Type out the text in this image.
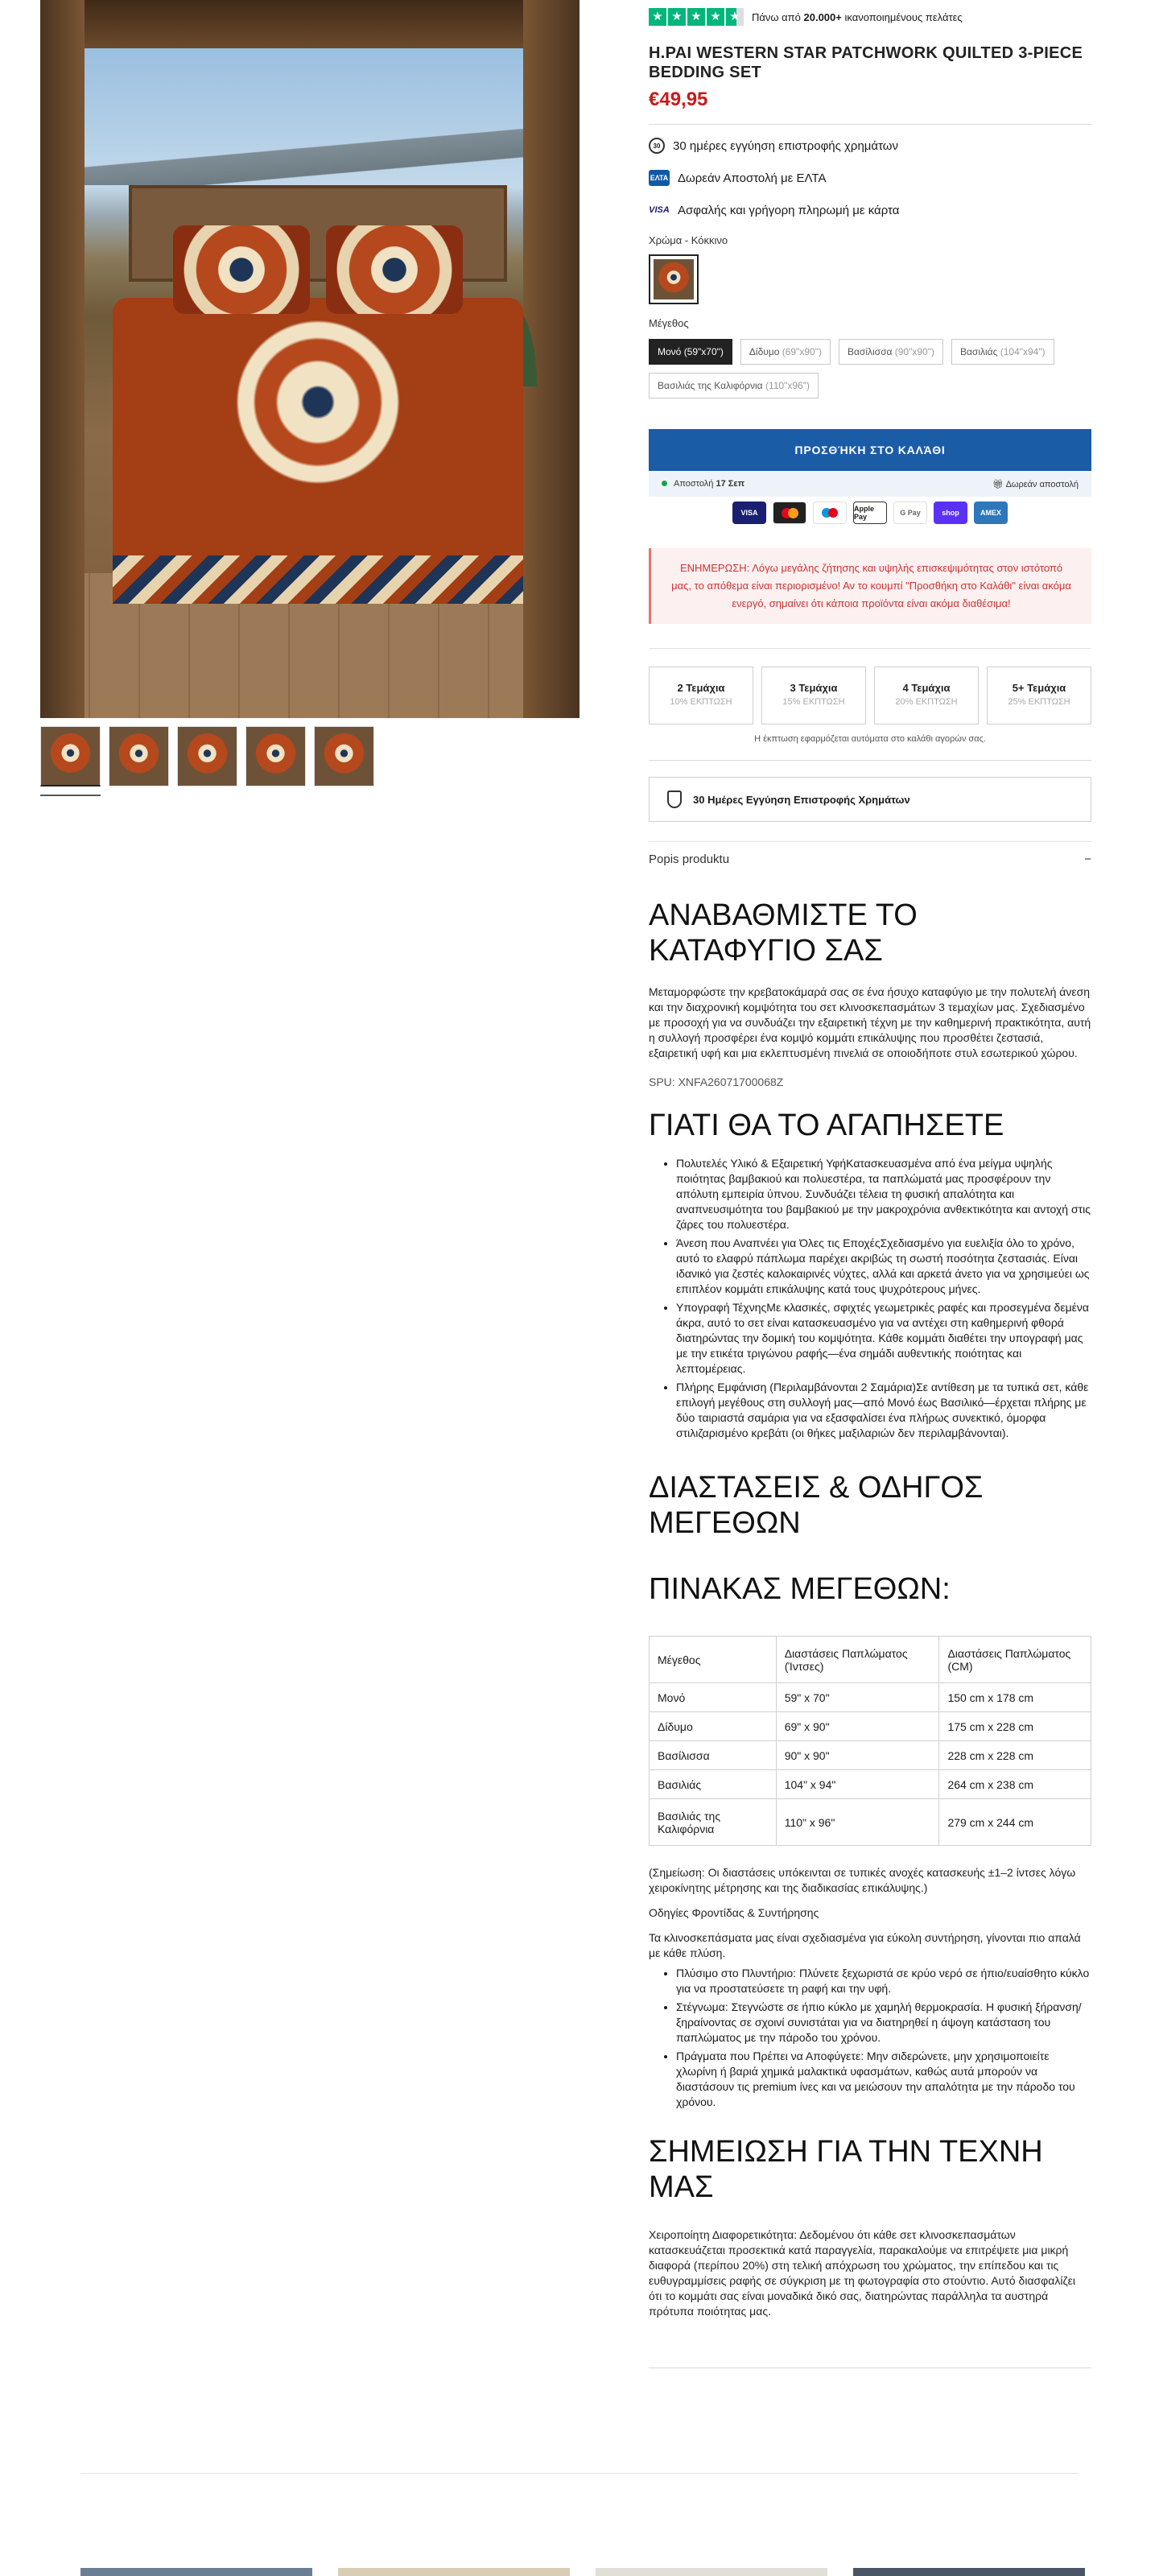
★ ★ ★ ★ ★	Πάνω από 20.000+ ικανοποιημένους πελάτες
H.PAI WESTERN STAR PATCHWORK QUILTED 3-PIECE BEDDING SET
€49,95
30	30 ημέρες εγγύηση επιστροφής χρημάτων
ΕΛΤΑ Δωρεάν Αποστολή με ΕΛΤΑ
VISA Ασφαλής και γρήγορη πληρωμή με κάρτα
Χρώμα - Κόκκινο
Μέγεθος
Μονό (59"x70")	Δίδυμο (69"x90")	Βασίλισσα (90"x90")	Βασιλιάς (104"x94")
Βασιλιάς της Καλιφόρνια (110"x96")
ΠΡΟΣΘΉΚΗ ΣΤΟ ΚΑΛΆΘΙ
Αποστολή 17 Σεπ	🎁︎ Δωρεάν αποστολή
VISA	Apple Pay	G Pay	shop	AMEX
ΕΝΗΜΕΡΩΣΗ: Λόγω μεγάλης ζήτησης και υψηλής επισκεψιμότητας στον ιστότοπό μας, το απόθεμα είναι περιορισμένο! Αν το κουμπί "Προσθήκη στο Καλάθι" είναι ακόμα ενεργό, σημαίνει ότι κάποια προϊόντα είναι ακόμα διαθέσιμα!
2 Τεμάχια
10% ΕΚΠΤΩΣΗ
3 Τεμάχια
15% ΕΚΠΤΩΣΗ
4 Τεμάχια
20% ΕΚΠΤΩΣΗ
5+ Τεμάχια
25% ΕΚΠΤΩΣΗ
Η έκπτωση εφαρμόζεται αυτόματα στο καλάθι αγορών σας.
30 Ημέρες Εγγύηση Επιστροφής Χρημάτων
Popis produktu	−
ΑΝΑΒΑΘΜΙΣΤΕ ΤΟ ΚΑΤΑΦΥΓΙΟ ΣΑΣ

Μεταμορφώστε την κρεβατοκάμαρά σας σε ένα ήσυχο καταφύγιο με την πολυτελή άνεση και την διαχρονική κομψότητα του σετ κλινοσκεπασμάτων 3 τεμαχίων μας. Σχεδιασμένο με προσοχή για να συνδυάζει την εξαιρετική τέχνη με την καθημερινή πρακτικότητα, αυτή η συλλογή προσφέρει ένα κομψό κομμάτι επικάλυψης που προσθέτει ζεστασιά, εξαιρετική υφή και μια εκλεπτυσμένη πινελιά σε οποιοδήποτε στυλ εσωτερικού χώρου.

SPU: XNFA26071700068Z
ΓΙΑΤΙ ΘΑ ΤΟ ΑΓΑΠΗΣΕΤΕ
• Πολυτελές Υλικό & Εξαιρετική ΥφήΚατασκευασμένα από ένα μείγμα υψηλής ποιότητας βαμβακιού και πολυεστέρα, τα παπλώματά μας προσφέρουν την απόλυτη εμπειρία ύπνου. Συνδυάζει τέλεια τη φυσική απαλότητα και αναπνευσιμότητα του βαμβακιού με την μακροχρόνια ανθεκτικότητα και αντοχή στις ζάρες του πολυεστέρα.
• Άνεση που Αναπνέει για Όλες τις ΕποχέςΣχεδιασμένο για ευελιξία όλο το χρόνο, αυτό το ελαφρύ πάπλωμα παρέχει ακριβώς τη σωστή ποσότητα ζεστασιάς. Είναι ιδανικό για ζεστές καλοκαιρινές νύχτες, αλλά και αρκετά άνετο για να χρησιμεύει ως επιπλέον κομμάτι επικάλυψης κατά τους ψυχρότερους μήνες.
• Υπογραφή ΤέχνηςΜε κλασικές, σφιχτές γεωμετρικές ραφές και προσεγμένα δεμένα άκρα, αυτό το σετ είναι κατασκευασμένο για να αντέχει στη καθημερινή φθορά διατηρώντας την δομική του κομψότητα. Κάθε κομμάτι διαθέτει την υπογραφή μας με την ετικέτα τριγώνου ραφής—ένα σημάδι αυθεντικής ποιότητας και λεπτομέρειας.
• Πλήρης Εμφάνιση (Περιλαμβάνονται 2 Σαμάρια)Σε αντίθεση με τα τυπικά σετ, κάθε επιλογή μεγέθους στη συλλογή μας—από Μονό έως Βασιλικό—έρχεται πλήρης με δύο ταιριαστά σαμάρια για να εξασφαλίσει ένα πλήρως συνεκτικό, όμορφα στιλιζαρισμένο κρεβάτι (οι θήκες μαξιλαριών δεν περιλαμβάνονται).
ΔΙΑΣΤΑΣΕΙΣ & ΟΔΗΓΟΣ ΜΕΓΕΘΩΝ
ΠΙΝΑΚΑΣ ΜΕΓΕΘΩΝ:
Μέγεθος	Διαστάσεις Παπλώματος (Ίντσες)	Διαστάσεις Παπλώματος (CM)
Μονό	59" x 70"	150 cm x 178 cm
Δίδυμο	69" x 90"	175 cm x 228 cm
Βασίλισσα	90" x 90"	228 cm x 228 cm
Βασιλιάς	104" x 94"	264 cm x 238 cm
Βασιλιάς της Καλιφόρνια	110" x 96"	279 cm x 244 cm

(Σημείωση: Οι διαστάσεις υπόκεινται σε τυπικές ανοχές κατασκευής ±1–2 ίντσες λόγω χειροκίνητης μέτρησης και της διαδικασίας επικάλυψης.)

Οδηγίες Φροντίδας & Συντήρησης

Τα κλινοσκεπάσματα μας είναι σχεδιασμένα για εύκολη συντήρηση, γίνονται πιο απαλά με κάθε πλύση.

• Πλύσιμο στο Πλυντήριο: Πλύνετε ξεχωριστά σε κρύο νερό σε ήπιο/ευαίσθητο κύκλο για να προστατεύσετε τη ραφή και την υφή.
• Στέγνωμα: Στεγνώστε σε ήπιο κύκλο με χαμηλή θερμοκρασία. Η φυσική ξήρανση/ξηραίνοντας σε σχοινί συνιστάται για να διατηρηθεί η άψογη κατάσταση του παπλώματος με την πάροδο του χρόνου.
• Πράγματα που Πρέπει να Αποφύγετε: Μην σιδερώνετε, μην χρησιμοποιείτε χλωρίνη ή βαριά χημικά μαλακτικά υφασμάτων, καθώς αυτά μπορούν να διαστάσουν τις premium ίνες και να μειώσουν την απαλότητα με την πάροδο του χρόνου.
ΣΗΜΕΙΩΣΗ ΓΙΑ ΤΗΝ ΤΕΧΝΗ ΜΑΣ

Χειροποίητη Διαφορετικότητα: Δεδομένου ότι κάθε σετ κλινοσκεπασμάτων κατασκευάζεται προσεκτικά κατά παραγγελία, παρακαλούμε να επιτρέψετε μια μικρή διαφορά (περίπου 20%) στη τελική απόχρωση του χρώματος, την επίπεδου και τις ευθυγραμμίσεις ραφής σε σύγκριση με τη φωτογραφία στο στούντιο. Αυτό διασφαλίζει ότι το κομμάτι σας είναι μοναδικά δικό σας, διατηρώντας παράλληλα τα αυστηρά πρότυπα ποιότητας μας.
